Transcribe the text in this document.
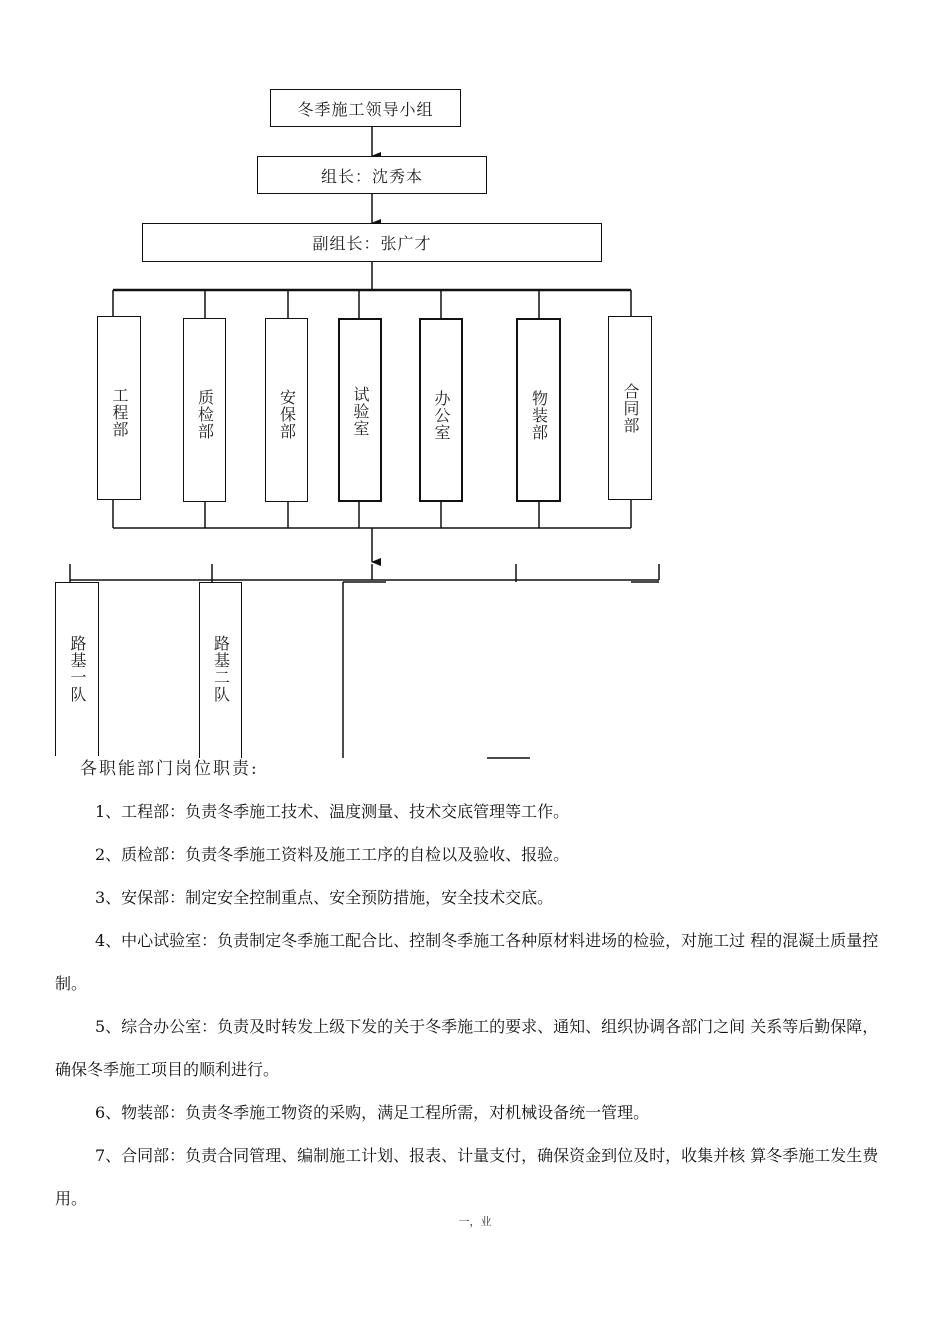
冬季施工领导小组
组长：沈秀本
副组长：张广才
工程部	质检部	安保部	试验室	办公室	物装部	合同部
路基一队	路基二队
各职能部门岗位职责:

1、工程部：负责冬季施工技术、温度测量、技术交底管理等工作。

2、质检部：负责冬季施工资料及施工工序的自检以及验收、报验。

3、安保部：制定安全控制重点、安全预防措施，安全技术交底。

4、中心试验室：负责制定冬季施工配合比、控制冬季施工各种原材料进场的检验，对施工过 程的混凝土质量控制。

5、综合办公室：负责及时转发上级下发的关于冬季施工的要求、通知、组织协调各部门之间 关系等后勤保障，确保冬季施工项目的顺利进行。

6、物装部：负责冬季施工物资的采购，满足工程所需，对机械设备统一管理。

7、合同部：负责合同管理、编制施工计划、报表、计量支付，确保资金到位及时，收集并核 算冬季施工发生费用。

一，业
